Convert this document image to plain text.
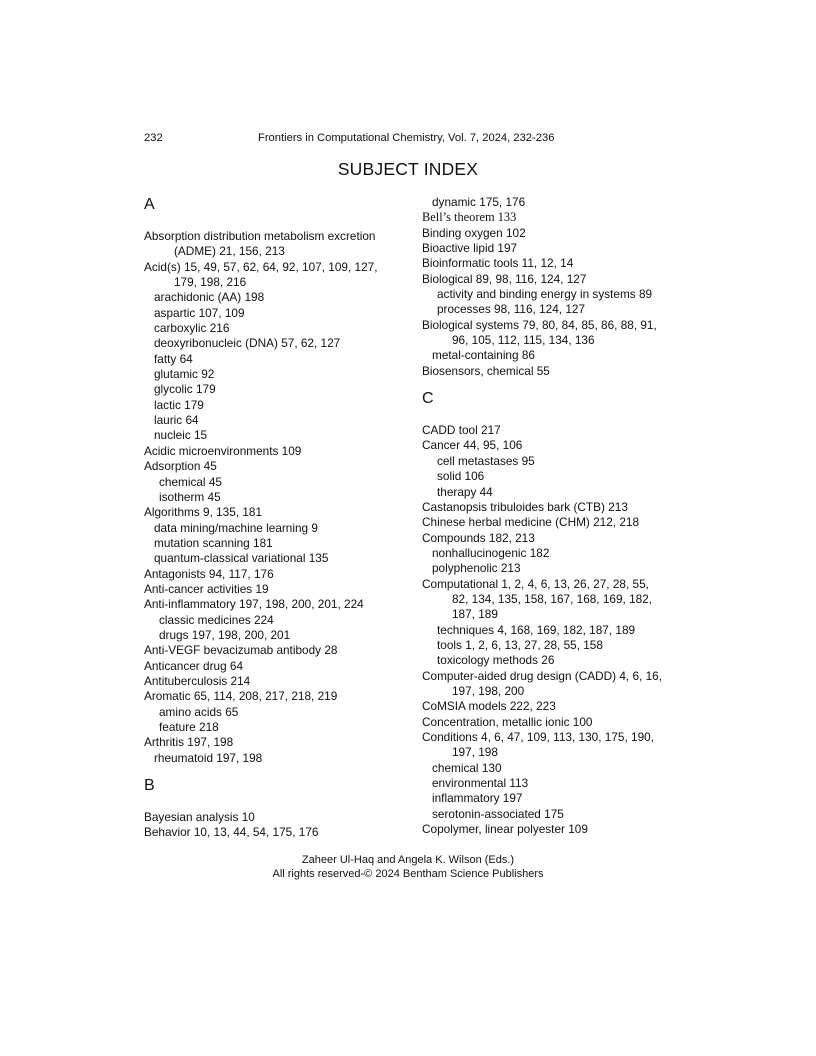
232	Frontiers in Computational Chemistry, Vol. 7, 2024, 232-236
SUBJECT INDEX
A
Absorption distribution metabolism excretion
(ADME) 21, 156, 213
Acid(s) 15, 49, 57, 62, 64, 92, 107, 109, 127,
179, 198, 216
arachidonic (AA) 198
aspartic 107, 109
carboxylic 216
deoxyribonucleic (DNA) 57, 62, 127
fatty 64
glutamic 92
glycolic 179
lactic 179
lauric 64
nucleic 15
Acidic microenvironments 109
Adsorption 45
chemical 45
isotherm 45
Algorithms 9, 135, 181
data mining/machine learning 9
mutation scanning 181
quantum-classical variational 135
Antagonists 94, 117, 176
Anti-cancer activities 19
Anti-inflammatory 197, 198, 200, 201, 224
classic medicines 224
drugs 197, 198, 200, 201
Anti-VEGF bevacizumab antibody 28
Anticancer drug 64
Antituberculosis 214
Aromatic 65, 114, 208, 217, 218, 219
amino acids 65
feature 218
Arthritis 197, 198
rheumatoid 197, 198
B
Bayesian analysis 10
Behavior 10, 13, 44, 54, 175, 176
dynamic 175, 176
Bell’s theorem 133
Binding oxygen 102
Bioactive lipid 197
Bioinformatic tools 11, 12, 14
Biological 89, 98, 116, 124, 127
activity and binding energy in systems 89
processes 98, 116, 124, 127
Biological systems 79, 80, 84, 85, 86, 88, 91,
96, 105, 112, 115, 134, 136
metal-containing 86
Biosensors, chemical 55
C
CADD tool 217
Cancer 44, 95, 106
cell metastases 95
solid 106
therapy 44
Castanopsis tribuloides bark (CTB) 213
Chinese herbal medicine (CHM) 212, 218
Compounds 182, 213
nonhallucinogenic 182
polyphenolic 213
Computational 1, 2, 4, 6, 13, 26, 27, 28, 55,
82, 134, 135, 158, 167, 168, 169, 182,
187, 189
techniques 4, 168, 169, 182, 187, 189
tools 1, 2, 6, 13, 27, 28, 55, 158
toxicology methods 26
Computer-aided drug design (CADD) 4, 6, 16,
197, 198, 200
CoMSIA models 222, 223
Concentration, metallic ionic 100
Conditions 4, 6, 47, 109, 113, 130, 175, 190,
197, 198
chemical 130
environmental 113
inflammatory 197
serotonin-associated 175
Copolymer, linear polyester 109
Zaheer Ul-Haq and Angela K. Wilson (Eds.)
All rights reserved-© 2024 Bentham Science Publishers
